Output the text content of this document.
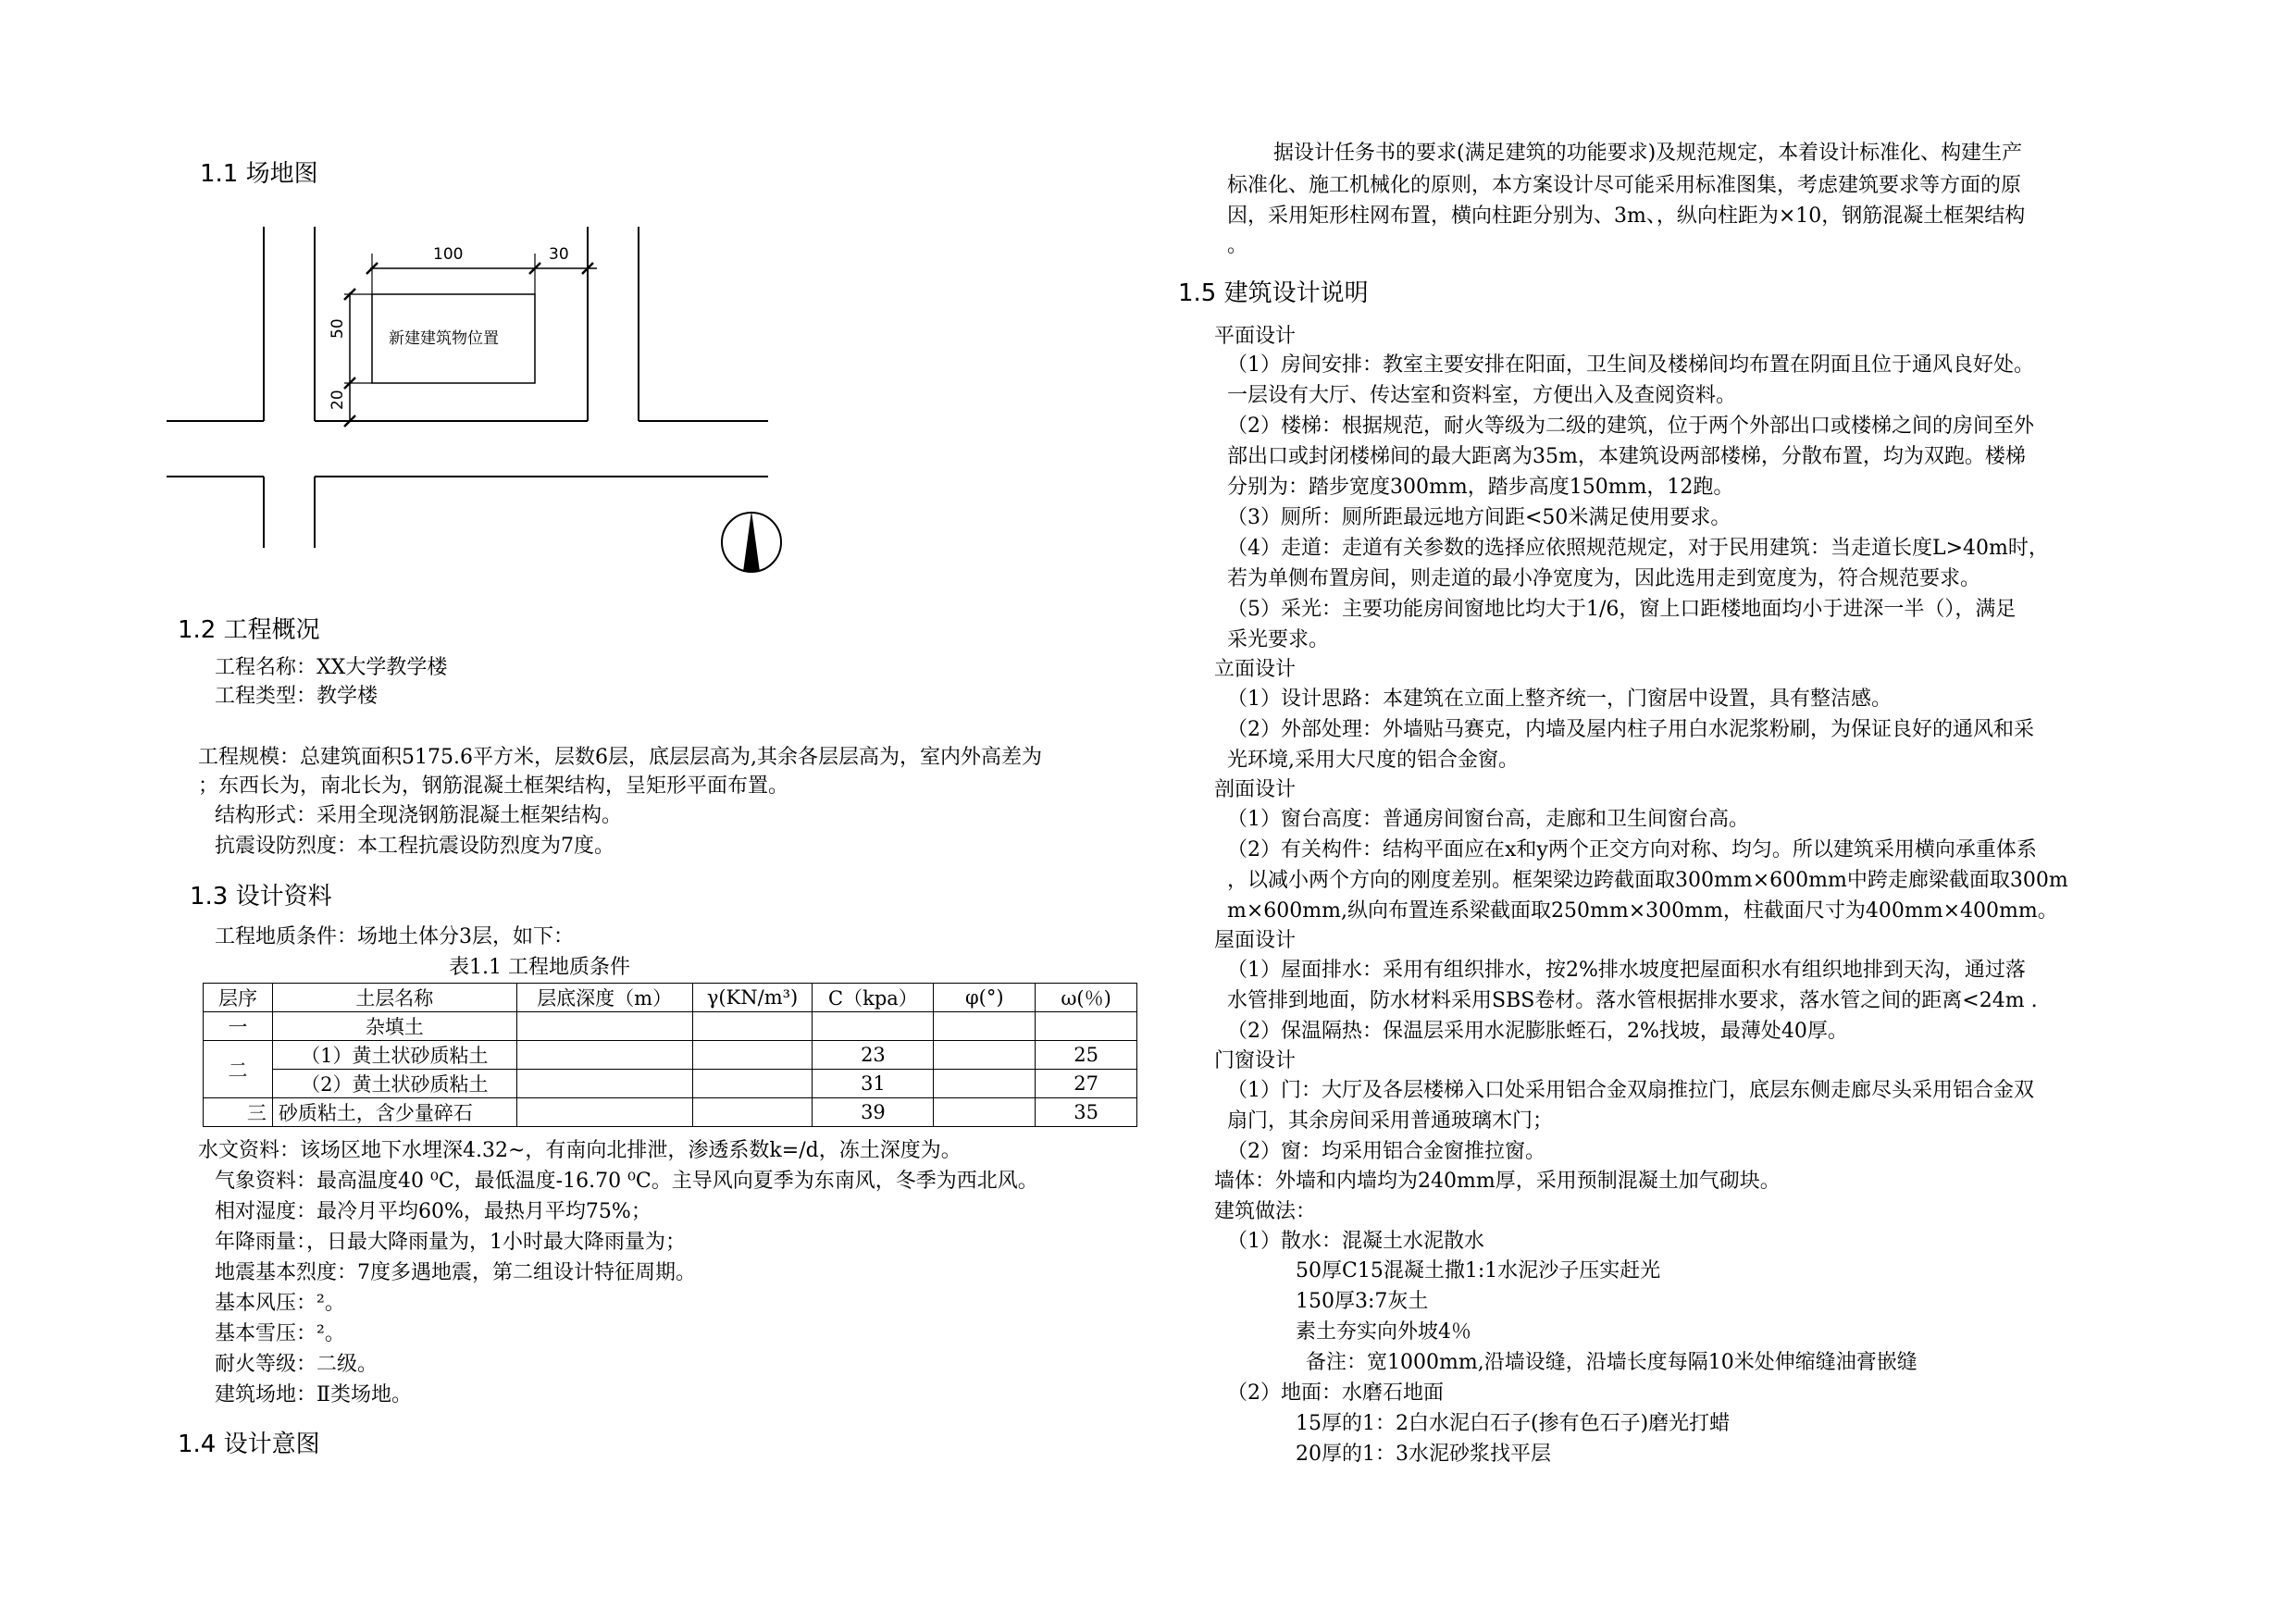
1.1 场地图
100	30
50
20
新建建筑物位置
1.2 工程概况
工程名称：XX大学教学楼
工程类型：教学楼
工程规模：总建筑面积5175.6平方米，层数6层，底层层高为,其余各层层高为，室内外高差为
；东西长为，南北长为，钢筋混凝土框架结构，呈矩形平面布置。
结构形式：采用全现浇钢筋混凝土框架结构。
抗震设防烈度：本工程抗震设防烈度为7度。
1.3 设计资料
工程地质条件：场地土体分3层，如下：
表1.1 工程地质条件
层序	土层名称	层底深度（m）	γ(KN/m³)	C（kpa）	φ(°)	ω(％)
一	杂填土					
二	（1）黄土状砂质粘土			23		25
	（2）黄土状砂质粘土			31		27
三	砂质粘土，含少量碎石			39		35
水文资料：该场区地下水埋深4.32~，有南向北排泄，渗透系数k=/d，冻土深度为。
气象资料：最高温度40 ⁰C，最低温度-16.70 ⁰C。主导风向夏季为东南风，冬季为西北风。
相对湿度：最冷月平均60%，最热月平均75%；
年降雨量：，日最大降雨量为，1小时最大降雨量为；
地震基本烈度：7度多遇地震，第二组设计特征周期。
基本风压：²。
基本雪压：²。
耐火等级：二级。
建筑场地：Ⅱ类场地。
1.4 设计意图
据设计任务书的要求(满足建筑的功能要求)及规范规定，本着设计标准化、构建生产
标准化、施工机械化的原则，本方案设计尽可能采用标准图集，考虑建筑要求等方面的原
因，采用矩形柱网布置，横向柱距分别为、3m、，纵向柱距为×10，钢筋混凝土框架结构
。
1.5 建筑设计说明
平面设计
（1）房间安排：教室主要安排在阳面，卫生间及楼梯间均布置在阴面且位于通风良好处。
一层设有大厅、传达室和资料室，方便出入及查阅资料。
（2）楼梯：根据规范，耐火等级为二级的建筑，位于两个外部出口或楼梯之间的房间至外
部出口或封闭楼梯间的最大距离为35m，本建筑设两部楼梯，分散布置，均为双跑。楼梯
分别为：踏步宽度300mm，踏步高度150mm，12跑。
（3）厕所：厕所距最远地方间距<50米满足使用要求。
（4）走道：走道有关参数的选择应依照规范规定，对于民用建筑：当走道长度L>40m时，
若为单侧布置房间，则走道的最小净宽度为，因此选用走到宽度为，符合规范要求。
（5）采光：主要功能房间窗地比均大于1/6，窗上口距楼地面均小于进深一半（），满足
采光要求。
立面设计
（1）设计思路：本建筑在立面上整齐统一，门窗居中设置，具有整洁感。
（2）外部处理：外墙贴马赛克，内墙及屋内柱子用白水泥浆粉刷，为保证良好的通风和采
光环境,采用大尺度的铝合金窗。
剖面设计
（1）窗台高度：普通房间窗台高，走廊和卫生间窗台高。
（2）有关构件：结构平面应在x和y两个正交方向对称、均匀。所以建筑采用横向承重体系
，以减小两个方向的刚度差别。框架梁边跨截面取300mm×600mm中跨走廊梁截面取300m
m×600mm,纵向布置连系梁截面取250mm×300mm，柱截面尺寸为400mm×400mm。
屋面设计
（1）屋面排水：采用有组织排水，按2%排水坡度把屋面积水有组织地排到天沟，通过落
水管排到地面，防水材料采用SBS卷材。落水管根据排水要求，落水管之间的距离<24m .
（2）保温隔热：保温层采用水泥膨胀蛭石，2%找坡，最薄处40厚。
门窗设计
（1）门：大厅及各层楼梯入口处采用铝合金双扇推拉门，底层东侧走廊尽头采用铝合金双
扇门，其余房间采用普通玻璃木门；
（2）窗：均采用铝合金窗推拉窗。
墙体：外墙和内墙均为240mm厚，采用预制混凝土加气砌块。
建筑做法：
（1）散水：混凝土水泥散水
50厚C15混凝土撒1:1水泥沙子压实赶光
150厚3:7灰土
素土夯实向外坡4％
备注：宽1000mm,沿墙设缝，沿墙长度每隔10米处伸缩缝油膏嵌缝
（2）地面：水磨石地面
15厚的1：2白水泥白石子(掺有色石子)磨光打蜡
20厚的1：3水泥砂浆找平层
